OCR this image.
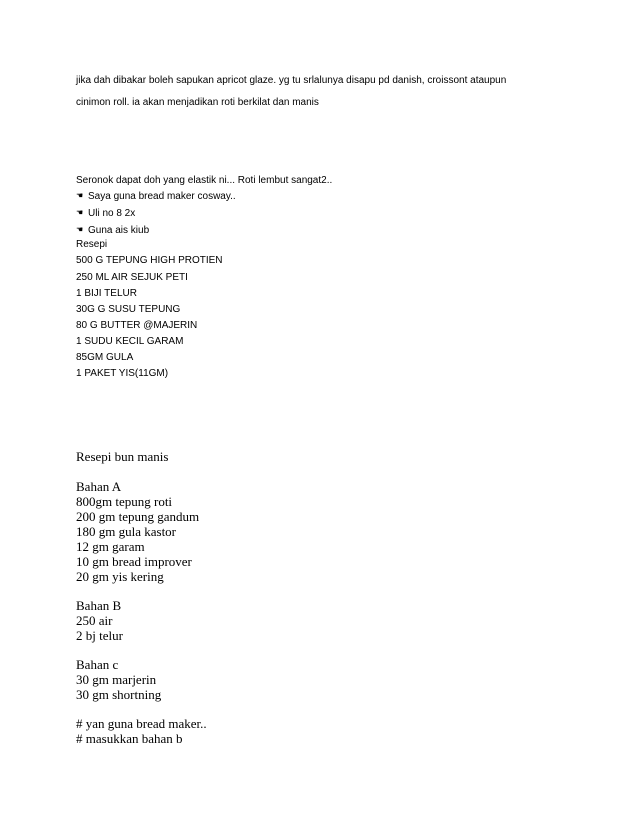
jika dah dibakar boleh sapukan apricot glaze. yg tu srlalunya disapu pd danish, croissont ataupun
cinimon roll. ia akan menjadikan roti berkilat dan manis
Seronok dapat doh yang elastik ni... Roti lembut sangat2..
☚ Saya guna bread maker cosway..
☚ Uli no 8 2x
☚ Guna ais kiub
Resepi
500 G TEPUNG HIGH PROTIEN
250 ML AIR SEJUK PETI
1 BIJI TELUR
30G G SUSU TEPUNG
80 G BUTTER @MAJERIN
1 SUDU KECIL GARAM
85GM GULA
1 PAKET YIS(11GM)
Resepi bun manis
Bahan A
800gm tepung roti
200 gm tepung gandum
180 gm gula kastor
12 gm garam
10 gm bread improver
20 gm yis kering
Bahan B
250 air
2 bj telur
Bahan c
30 gm marjerin
30 gm shortning
# yan guna bread maker..
# masukkan bahan b
